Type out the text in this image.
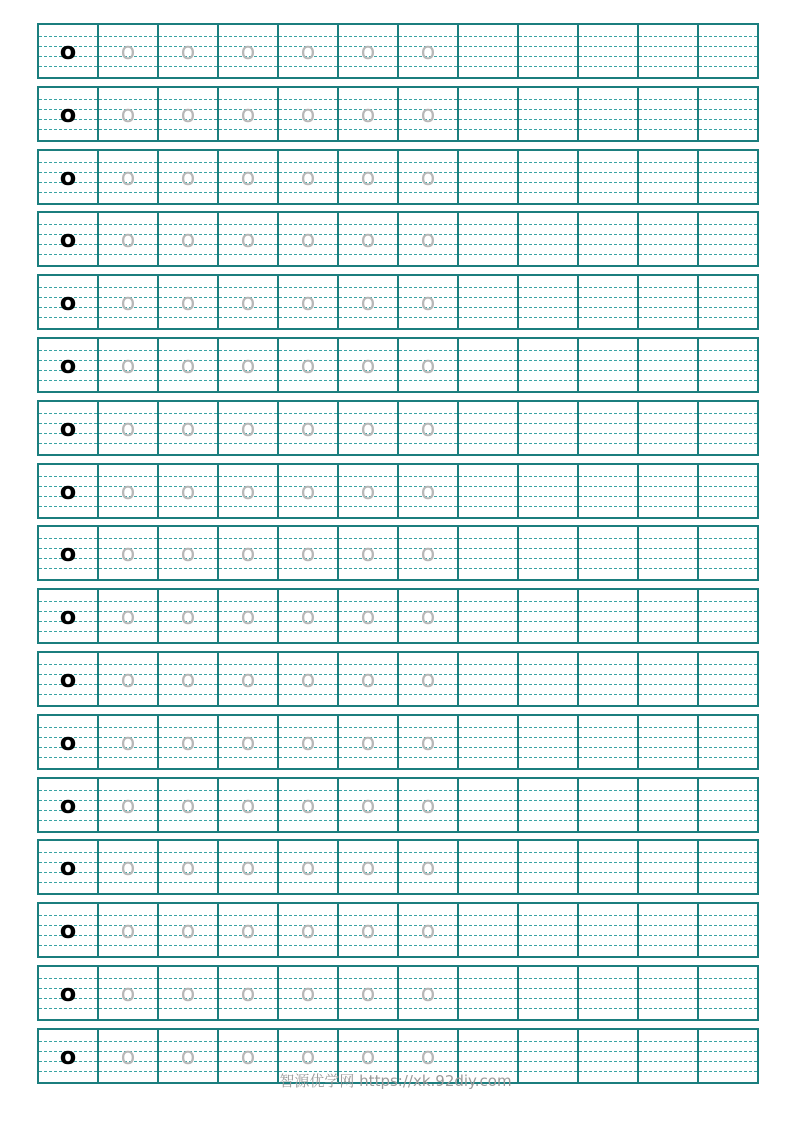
o o o o o o o
o o o o o o o
o o o o o o o
o o o o o o o
o o o o o o o
o o o o o o o
o o o o o o o
o o o o o o o
o o o o o o o
o o o o o o o
o o o o o o o
o o o o o o o
o o o o o o o
o o o o o o o
o o o o o o o
o o o o o o o
o o o o o o o
智源优学网 https://xk.92diy.com
